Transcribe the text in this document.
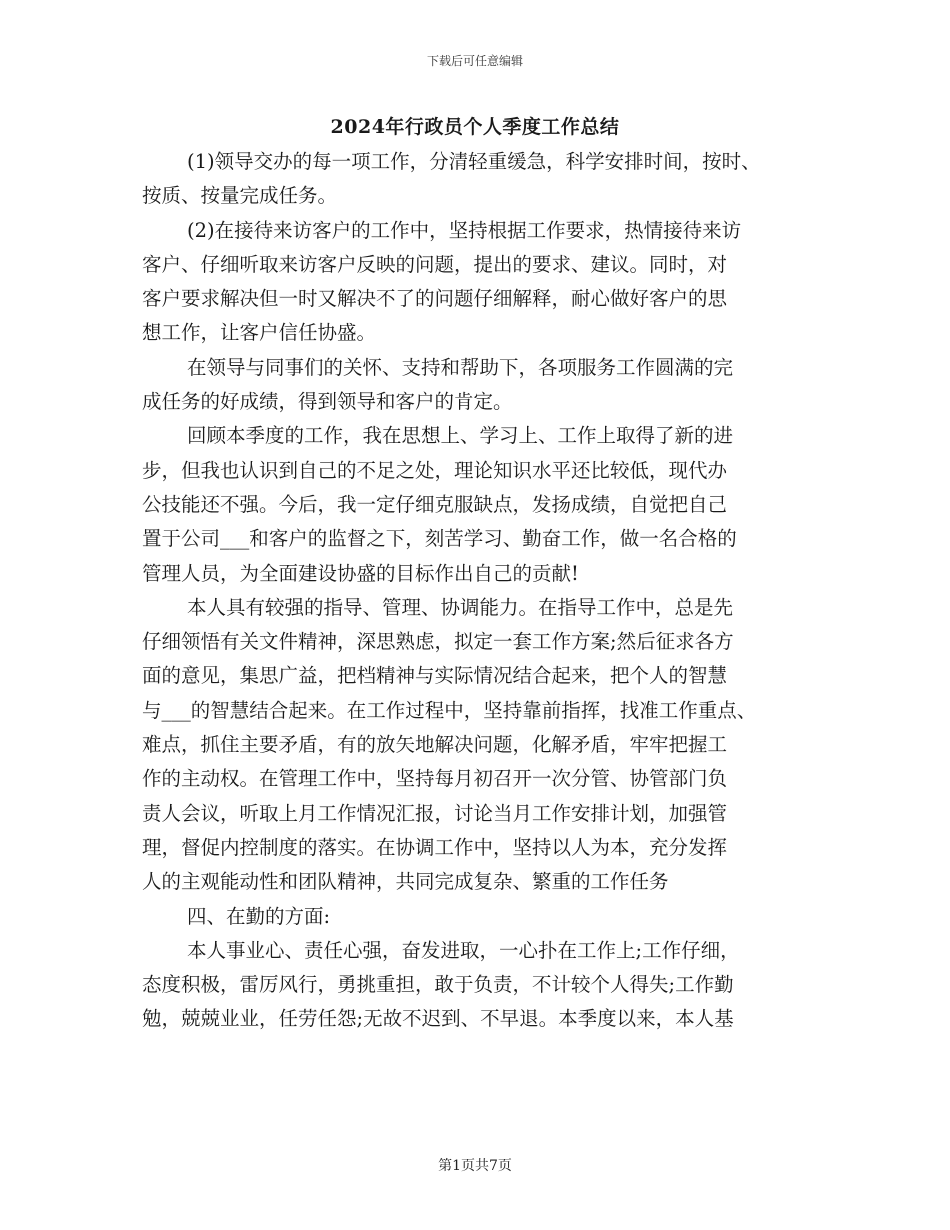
下载后可任意编辑
2024年行政员个人季度工作总结
(1)领导交办的每一项工作，分清轻重缓急，科学安排时间，按时、
按质、按量完成任务。
(2)在接待来访客户的工作中，坚持根据工作要求，热情接待来访
客户、仔细听取来访客户反映的问题，提出的要求、建议。同时，对
客户要求解决但一时又解决不了的问题仔细解释，耐心做好客户的思
想工作，让客户信任协盛。
在领导与同事们的关怀、支持和帮助下，各项服务工作圆满的完
成任务的好成绩，得到领导和客户的肯定。
回顾本季度的工作，我在思想上、学习上、工作上取得了新的进
步，但我也认识到自己的不足之处，理论知识水平还比较低，现代办
公技能还不强。今后，我一定仔细克服缺点，发扬成绩，自觉把自己
置于公司___和客户的监督之下，刻苦学习、勤奋工作，做一名合格的
管理人员，为全面建设协盛的目标作出自己的贡献!
本人具有较强的指导、管理、协调能力。在指导工作中，总是先
仔细领悟有关文件精神，深思熟虑，拟定一套工作方案;然后征求各方
面的意见，集思广益，把档精神与实际情况结合起来，把个人的智慧
与___的智慧结合起来。在工作过程中，坚持靠前指挥，找准工作重点、
难点，抓住主要矛盾，有的放矢地解决问题，化解矛盾，牢牢把握工
作的主动权。在管理工作中，坚持每月初召开一次分管、协管部门负
责人会议，听取上月工作情况汇报，讨论当月工作安排计划，加强管
理，督促内控制度的落实。在协调工作中，坚持以人为本，充分发挥
人的主观能动性和团队精神，共同完成复杂、繁重的工作任务
四、在勤的方面:
本人事业心、责任心强，奋发进取，一心扑在工作上;工作仔细，
态度积极，雷厉风行，勇挑重担，敢于负责，不计较个人得失;工作勤
勉，兢兢业业，任劳任怨;无故不迟到、不早退。本季度以来，本人基
第1页共7页
